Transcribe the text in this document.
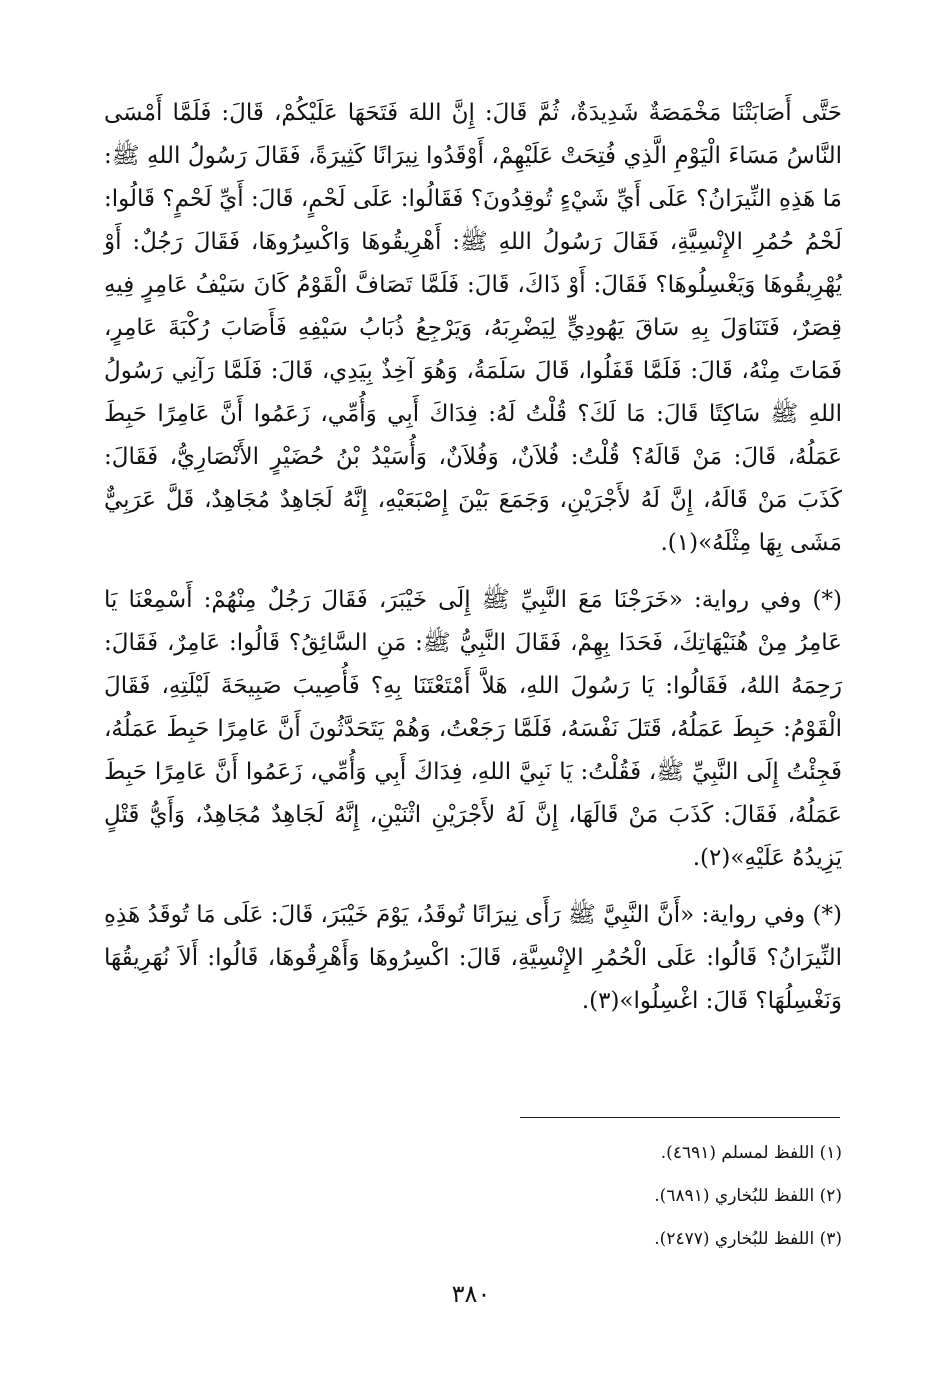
حَتَّى أَصَابَتْنَا مَخْمَصَةٌ شَدِيدَةٌ، ثُمَّ قَالَ: إِنَّ اللهَ فَتَحَهَا عَلَيْكُمْ، قَالَ: فَلَمَّا أَمْسَى النَّاسُ مَسَاءَ الْيَوْمِ الَّذِي فُتِحَتْ عَلَيْهِمْ، أَوْقَدُوا نِيرَانًا كَثِيرَةً، فَقَالَ رَسُولُ اللهِ ﷺ: مَا هَذِهِ النِّيرَانُ؟ عَلَى أَيِّ شَيْءٍ تُوقِدُونَ؟ فَقَالُوا: عَلَى لَحْمٍ، قَالَ: أَيِّ لَحْمٍ؟ قَالُوا: لَحْمُ حُمُرِ الإِنْسِيَّةِ، فَقَالَ رَسُولُ اللهِ ﷺ: أَهْرِيقُوهَا وَاكْسِرُوهَا، فَقَالَ رَجُلٌ: أَوْ يُهْرِيقُوهَا وَيَغْسِلُوهَا؟ فَقَالَ: أَوْ ذَاكَ، قَالَ: فَلَمَّا تَصَافَّ الْقَوْمُ كَانَ سَيْفُ عَامِرٍ فِيهِ قِصَرٌ، فَتَنَاوَلَ بِهِ سَاقَ يَهُودِيٍّ لِيَضْرِبَهُ، وَيَرْجِعُ ذُبَابُ سَيْفِهِ فَأَصَابَ رُكْبَةَ عَامِرٍ، فَمَاتَ مِنْهُ، قَالَ: فَلَمَّا قَفَلُوا، قَالَ سَلَمَةُ، وَهُوَ آخِذٌ بِيَدِي، قَالَ: فَلَمَّا رَآنِي رَسُولُ اللهِ ﷺ سَاكِتًا قَالَ: مَا لَكَ؟ قُلْتُ لَهُ: فِدَاكَ أَبِي وَأُمِّي، زَعَمُوا أَنَّ عَامِرًا حَبِطَ عَمَلُهُ، قَالَ: مَنْ قَالَهُ؟ قُلْتُ: فُلاَنٌ، وَفُلاَنٌ، وَأُسَيْدُ بْنُ حُضَيْرٍ الأَنْصَارِيُّ، فَقَالَ: كَذَبَ مَنْ قَالَهُ، إِنَّ لَهُ لأَجْرَيْنِ، وَجَمَعَ بَيْنَ إِصْبَعَيْهِ، إِنَّهُ لَجَاهِدٌ مُجَاهِدٌ، قَلَّ عَرَبِيٌّ مَشَى بِهَا مِثْلَهُ»(١).

(*) وفي رواية: «خَرَجْنَا مَعَ النَّبِيِّ ﷺ إِلَى خَيْبَرَ، فَقَالَ رَجُلٌ مِنْهُمْ: أَسْمِعْنَا يَا عَامِرُ مِنْ هُنَيْهَاتِكَ، فَحَدَا بِهِمْ، فَقَالَ النَّبِيُّ ﷺ: مَنِ السَّائِقُ؟ قَالُوا: عَامِرٌ، فَقَالَ: رَحِمَهُ اللهُ، فَقَالُوا: يَا رَسُولَ اللهِ، هَلاَّ أَمْتَعْتَنَا بِهِ؟ فَأُصِيبَ صَبِيحَةَ لَيْلَتِهِ، فَقَالَ الْقَوْمُ: حَبِطَ عَمَلُهُ، قَتَلَ نَفْسَهُ، فَلَمَّا رَجَعْتُ، وَهُمْ يَتَحَدَّثُونَ أَنَّ عَامِرًا حَبِطَ عَمَلُهُ، فَجِئْتُ إِلَى النَّبِيِّ ﷺ، فَقُلْتُ: يَا نَبِيَّ اللهِ، فِدَاكَ أَبِي وَأُمِّي، زَعَمُوا أَنَّ عَامِرًا حَبِطَ عَمَلُهُ، فَقَالَ: كَذَبَ مَنْ قَالَهَا، إِنَّ لَهُ لأَجْرَيْنِ اثْنَيْنِ، إِنَّهُ لَجَاهِدٌ مُجَاهِدٌ، وَأَيُّ قَتْلٍ يَزِيدُهُ عَلَيْهِ»(٢).

(*) وفي رواية: «أَنَّ النَّبِيَّ ﷺ رَأَى نِيرَانًا تُوقَدُ، يَوْمَ خَيْبَرَ، قَالَ: عَلَى مَا تُوقَدُ هَذِهِ النِّيرَانُ؟ قَالُوا: عَلَى الْحُمُرِ الإِنْسِيَّةِ، قَالَ: اكْسِرُوهَا وَأَهْرِقُوهَا، قَالُوا: أَلاَ نُهَرِيقُهَا وَنَغْسِلُهَا؟ قَالَ: اغْسِلُوا»(٣).

(١) اللفظ لمسلم (٤٦٩١).
(٢) اللفظ للبُخاري (٦٨٩١).
(٣) اللفظ للبُخاري (٢٤٧٧).
٣٨٠
